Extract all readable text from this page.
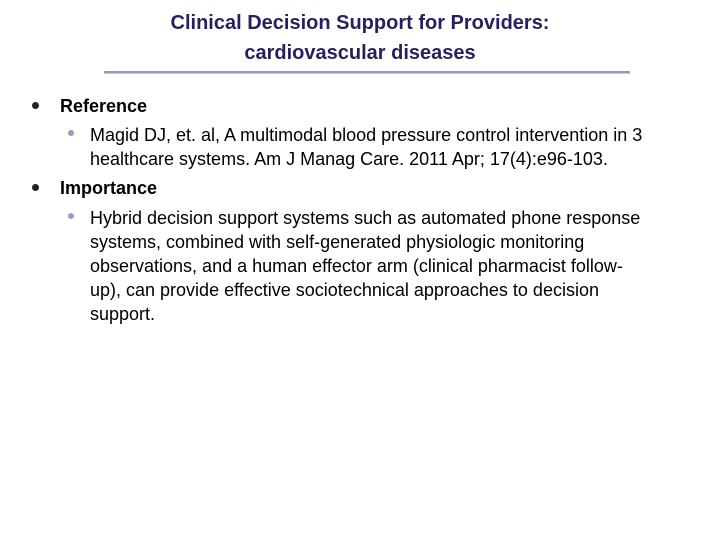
Clinical Decision Support for Providers:
cardiovascular diseases
Reference
Magid DJ, et. al, A multimodal blood pressure control intervention in 3
healthcare systems. Am J Manag Care. 2011 Apr; 17(4):e96-103.
Importance
Hybrid decision support systems such as automated phone response
systems, combined with self-generated physiologic monitoring
observations, and a human effector arm (clinical pharmacist follow-
up), can provide effective sociotechnical approaches to decision
support.
